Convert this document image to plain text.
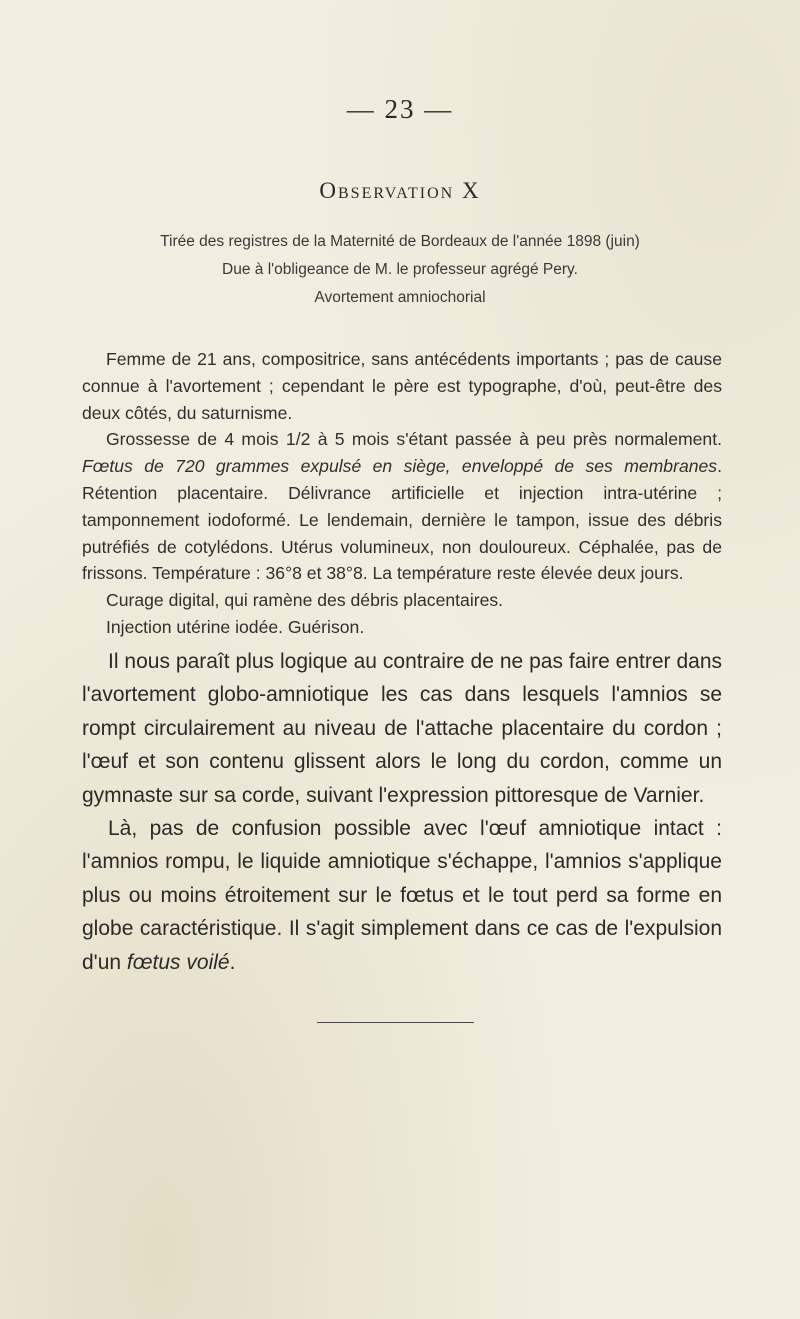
— 23 —
Observation X
Tirée des registres de la Maternité de Bordeaux de l'année 1898 (juin)
Due à l'obligeance de M. le professeur agrégé Pery.
Avortement amniochorial

Femme de 21 ans, compositrice, sans antécédents importants ; pas de cause connue à l'avortement ; cependant le père est typographe, d'où, peut-être des deux côtés, du saturnisme.

Grossesse de 4 mois 1/2 à 5 mois s'étant passée à peu près normalement. Fœtus de 720 grammes expulsé en siège, enveloppé de ses membranes. Rétention placentaire. Délivrance artificielle et injection intra-utérine ; tamponnement iodoformé. Le lendemain, dernière le tampon, issue des débris putréfiés de cotylédons. Utérus volumineux, non douloureux. Céphalée, pas de frissons. Température : 36°8 et 38°8. La température reste élevée deux jours.

Curage digital, qui ramène des débris placentaires.

Injection utérine iodée. Guérison.

Il nous paraît plus logique au contraire de ne pas faire entrer dans l'avortement globo-amniotique les cas dans lesquels l'amnios se rompt circulairement au niveau de l'attache placentaire du cordon ; l'œuf et son contenu glissent alors le long du cordon, comme un gymnaste sur sa corde, suivant l'expression pittoresque de Varnier.

Là, pas de confusion possible avec l'œuf amniotique intact : l'amnios rompu, le liquide amniotique s'échappe, l'amnios s'applique plus ou moins étroitement sur le fœtus et le tout perd sa forme en globe caractéristique. Il s'agit simplement dans ce cas de l'expulsion d'un fœtus voilé.
